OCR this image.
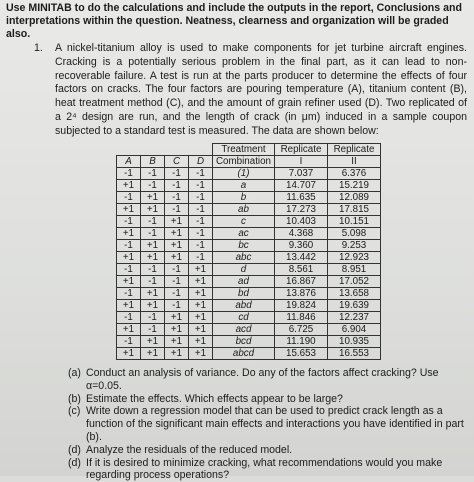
Use MINITAB to do the calculations and include the outputs in the report, Conclusions and interpretations within the question. Neatness, clearness and organization will be graded also.
1. A nickel-titanium alloy is used to make components for jet turbine aircraft engines. Cracking is a potentially serious problem in the final part, as it can lead to non-recoverable failure. A test is run at the parts producer to determine the effects of four factors on cracks. The four factors are pouring temperature (A), titanium content (B), heat treatment method (C), and the amount of grain refiner used (D). Two replicated of a 2⁴ design are run, and the length of crack (in μm) induced in a sample coupon subjected to a standard test is measured. The data are shown below:
				Treatment	Replicate	Replicate
A	B	C	D	Combination	I	II
-1	-1	-1	-1	(1)	7.037	6.376
+1	-1	-1	-1	a	14.707	15.219
-1	+1	-1	-1	b	11.635	12.089
+1	+1	-1	-1	ab	17.273	17.815
-1	-1	+1	-1	c	10.403	10.151
+1	-1	+1	-1	ac	4.368	5.098
-1	+1	+1	-1	bc	9.360	9.253
+1	+1	+1	-1	abc	13.442	12.923
-1	-1	-1	+1	d	8.561	8.951
+1	-1	-1	+1	ad	16.867	17.052
-1	+1	-1	+1	bd	13.876	13.658
+1	+1	-1	+1	abd	19.824	19.639
-1	-1	+1	+1	cd	11.846	12.237
+1	-1	+1	+1	acd	6.725	6.904
-1	+1	+1	+1	bcd	11.190	10.935
+1	+1	+1	+1	abcd	15.653	16.553
(a) Conduct an analysis of variance. Do any of the factors affect cracking? Use α=0.05.
(b) Estimate the effects. Which effects appear to be large?
(c) Write down a regression model that can be used to predict crack length as a function of the significant main effects and interactions you have identified in part (b).
(d) Analyze the residuals of the reduced model.
(d) If it is desired to minimize cracking, what recommendations would you make regarding process operations?
